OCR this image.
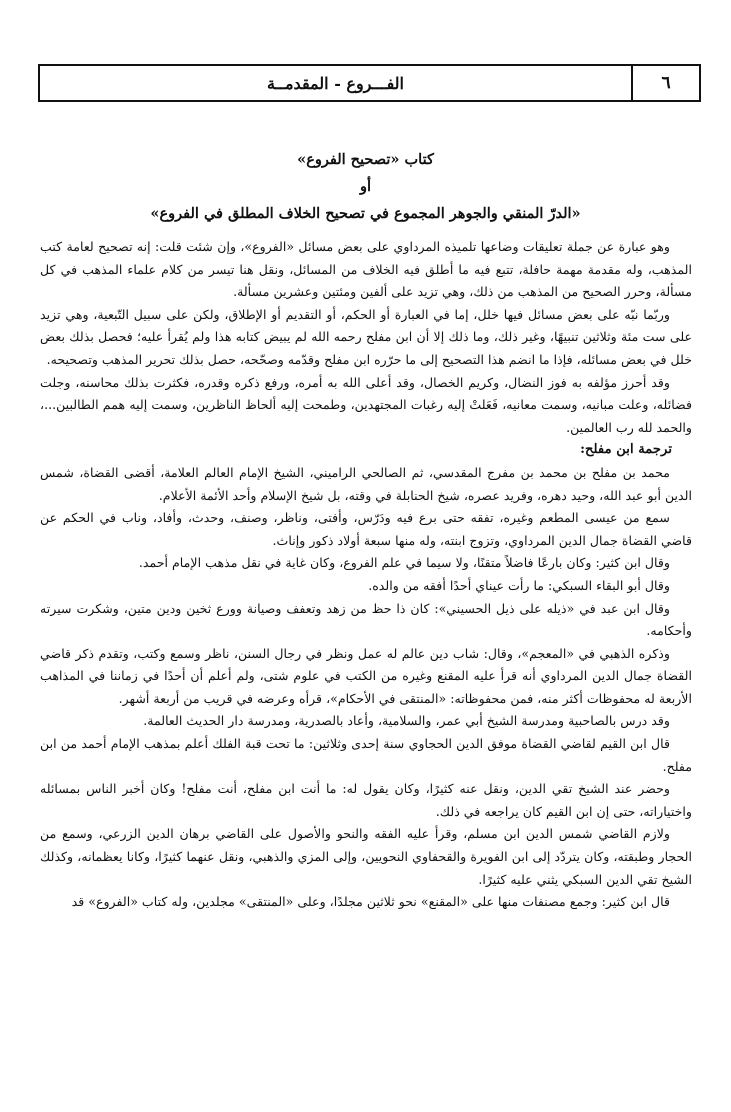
٦
الفـــروع - المقدمــة
كتاب «تصحيح الفروع»
أو
«الدرّ المنقي والجوهر المجموع في تصحيح الخلاف المطلق في الفروع»

وهو عبارة عن جملة تعليقات وضاعها تلميذه المرداوي على بعض مسائل «الفروع»، وإن شئت قلت: إنه تصحيح لعامة كتب المذهب، وله مقدمة مهمة حافلة، تتبع فيه ما أطلق فيه الخلاف من المسائل، ونقل هنا تيسر من كلام علماء المذهب في كل مسألة، وحرر الصحيح من المذهب من ذلك، وهي تزيد على ألفين ومئتين وعشرين مسألة.

وربّما نبّه على بعض مسائل فيها خلل، إما في العبارة أو الحكم، أو التقديم أو الإطلاق، ولكن على سبيل التّبعية، وهي تزيد على ست مئة وثلاثين تنبيهًا، وغير ذلك، وما ذلك إلا أن ابن مفلح رحمه الله لم يبيض كتابه هذا ولم يُقرأ عليه؛ فحصل بذلك بعض خلل في بعض مسائله، فإذا ما انضم هذا التصحيح إلى ما حرّره ابن مفلح وقدّمه وصحّحه، حصل بذلك تحرير المذهب وتصحيحه.

وقد أحرز مؤلفه به فوز النضال، وكريم الخصال، وقد أعلى الله به أمره، ورفع ذكره وقدره، فكثرت بذلك محاسنه، وجلت فضائله، وعلت مبانيه، وسمت معانيه، فَعَلتْ إليه رغبات المجتهدين، وطمحت إليه ألحاظ الناظرين، وسمت إليه همم الطالبين...، والحمد لله رب العالمين.

ترجمة ابن مفلح:

محمد بن مفلح بن محمد بن مفرج المقدسي، ثم الصالحي الراميني، الشيخ الإمام العالم العلامة، أقضى القضاة، شمس الدين أبو عبد الله، وحيد دهره، وفريد عصره، شيخ الحنابلة في وقته، بل شيخ الإسلام وأحد الأئمة الأعلام.

سمع من عيسى المطعم وغيره، تفقه حتى برع فيه ودَرّس، وأفتى، وناظر، وصنف، وحدث، وأفاد، وناب في الحكم عن قاضي القضاة جمال الدين المرداوي، وتزوج ابنته، وله منها سبعة أولاد ذكور وإناث.

وقال ابن كثير: وكان بارعًا فاضلاً متقنًا، ولا سيما في علم الفروع، وكان غاية في نقل مذهب الإمام أحمد.

وقال أبو البقاء السبكي: ما رأت عيناي أحدًا أفقه من والده.

وقال ابن عبد في «ذيله على ذيل الحسيني»: كان ذا حظ من زهد وتعفف وصيانة وورع ثخين ودين متين، وشكرت سيرته وأحكامه.

وذكره الذهبي في «المعجم»، وقال: شاب دين عالم له عمل ونظر في رجال السنن، ناظر وسمع وكتب، وتقدم ذكر قاضي القضاة جمال الدين المرداوي أنه قرأ عليه المقنع وغيره من الكتب في علوم شتى، ولم أعلم أن أحدًا في زماننا في المذاهب الأربعة له محفوظات أكثر منه، فمن محفوظاته: «المنتقى في الأحكام»، قرأه وعرضه في قريب من أربعة أشهر.

وقد درس بالصاحبية ومدرسة الشيخ أبي عمر، والسلامية، وأعاد بالصدرية، ومدرسة دار الحديث العالمة.

قال ابن القيم لقاضي القضاة موفق الدين الحجاوي سنة إحدى وثلاثين: ما تحت قبة الفلك أعلم بمذهب الإمام أحمد من ابن مفلح.

وحضر عند الشيخ تقي الدين، ونقل عنه كثيرًا، وكان يقول له: ما أنت ابن مفلح، أنت مفلح! وكان أخبر الناس بمسائله واختياراته، حتى إن ابن القيم كان يراجعه في ذلك.

ولازم القاضي شمس الدين ابن مسلم، وقرأ عليه الفقه والنحو والأصول على القاضي برهان الدين الزرعي، وسمع من الحجار وطبقته، وكان يتردّد إلى ابن الفويرة والقحفاوي النحويين، وإلى المزي والذهبي، ونقل عنهما كثيرًا، وكانا يعظمانه، وكذلك الشيخ تقي الدين السبكي يثني عليه كثيرًا.

قال ابن كثير: وجمع مصنفات منها على «المقنع» نحو ثلاثين مجلدًا، وعلى «المنتقى» مجلدين، وله كتاب «الفروع» قد
